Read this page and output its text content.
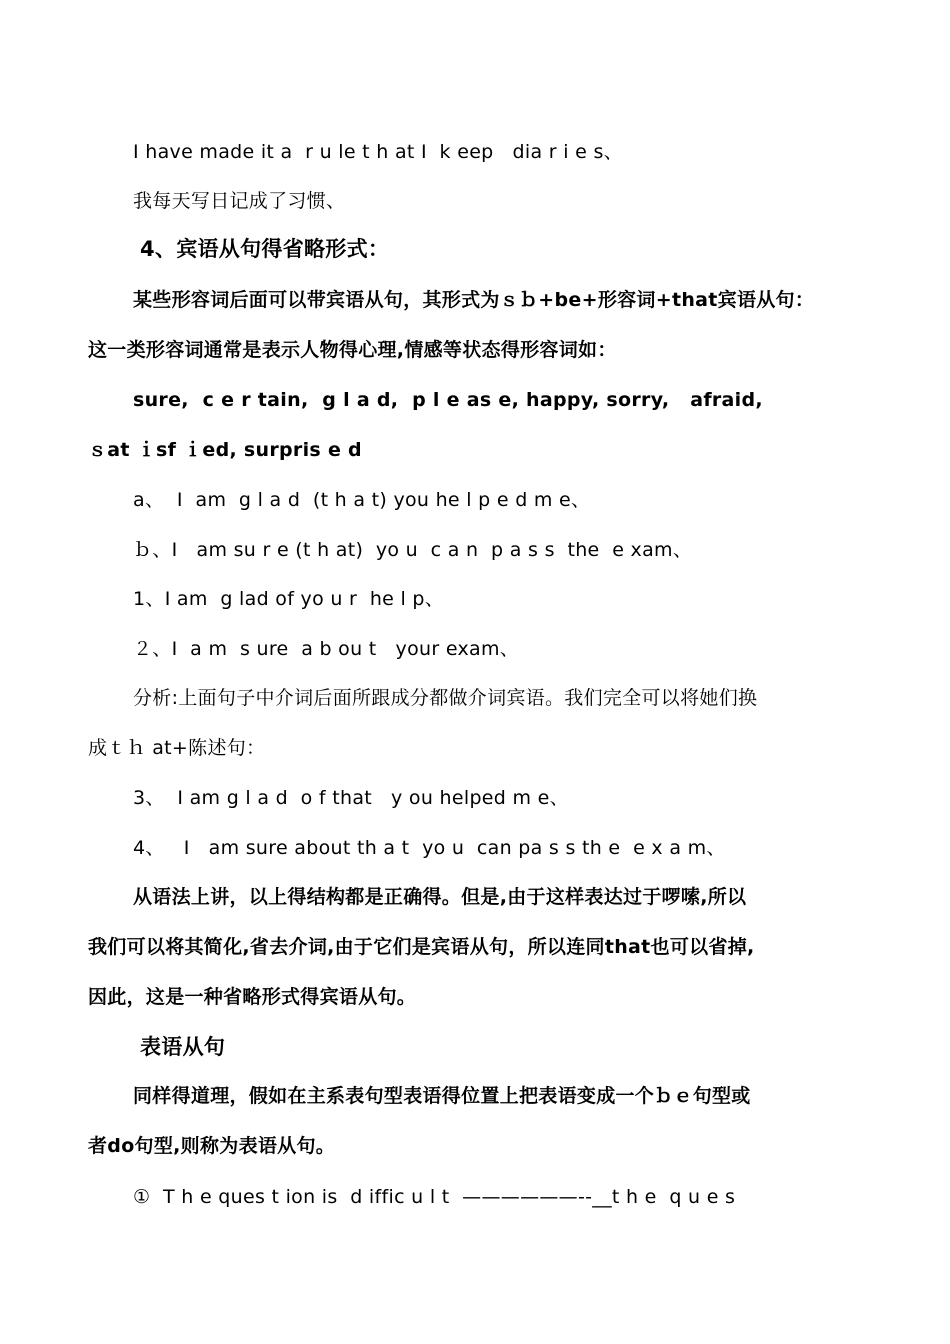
I have made it a  r u le t h at I  k eep   dia r i e s、
我每天写日记成了习惯、
4、宾语从句得省略形式：
某些形容词后面可以带宾语从句，其形式为ｓｂ+be+形容词+that宾语从句：
这一类形容词通常是表示人物得心理,情感等状态得形容词如：
sure,  c e r tain,  g l a d,  p l e as e, happy, sorry,   afraid,
ｓat ｉsf ｉed, surpris e d
a、  I  am  g l a d  (t h a t) you he l p e d m e、
ｂ、I   am su r e (t h at)  yo u  c a n  p a s s  the  e xam、
1、I am  g lad of yo u r  he l p、
２、I  a m  s ure  a b ou t   your exam、
分析:上面句子中介词后面所跟成分都做介词宾语。我们完全可以将她们换
成ｔｈ at+陈述句：
3、  I am g l a d  o f that   y ou helped m e、
4、   I   am sure about th a t  yo u  can pa s s th e  e x a m、
从语法上讲，以上得结构都是正确得。但是,由于这样表达过于啰嗦,所以
我们可以将其简化,省去介词,由于它们是宾语从句，所以连同that也可以省掉,
因此，这是一种省略形式得宾语从句。
表语从句
同样得道理，假如在主系表句型表语得位置上把表语变成一个ｂｅ句型或
者do句型,则称为表语从句。
①  T h e ques t ion is  d iffic u l t  ——————--__t h e  q u e s
